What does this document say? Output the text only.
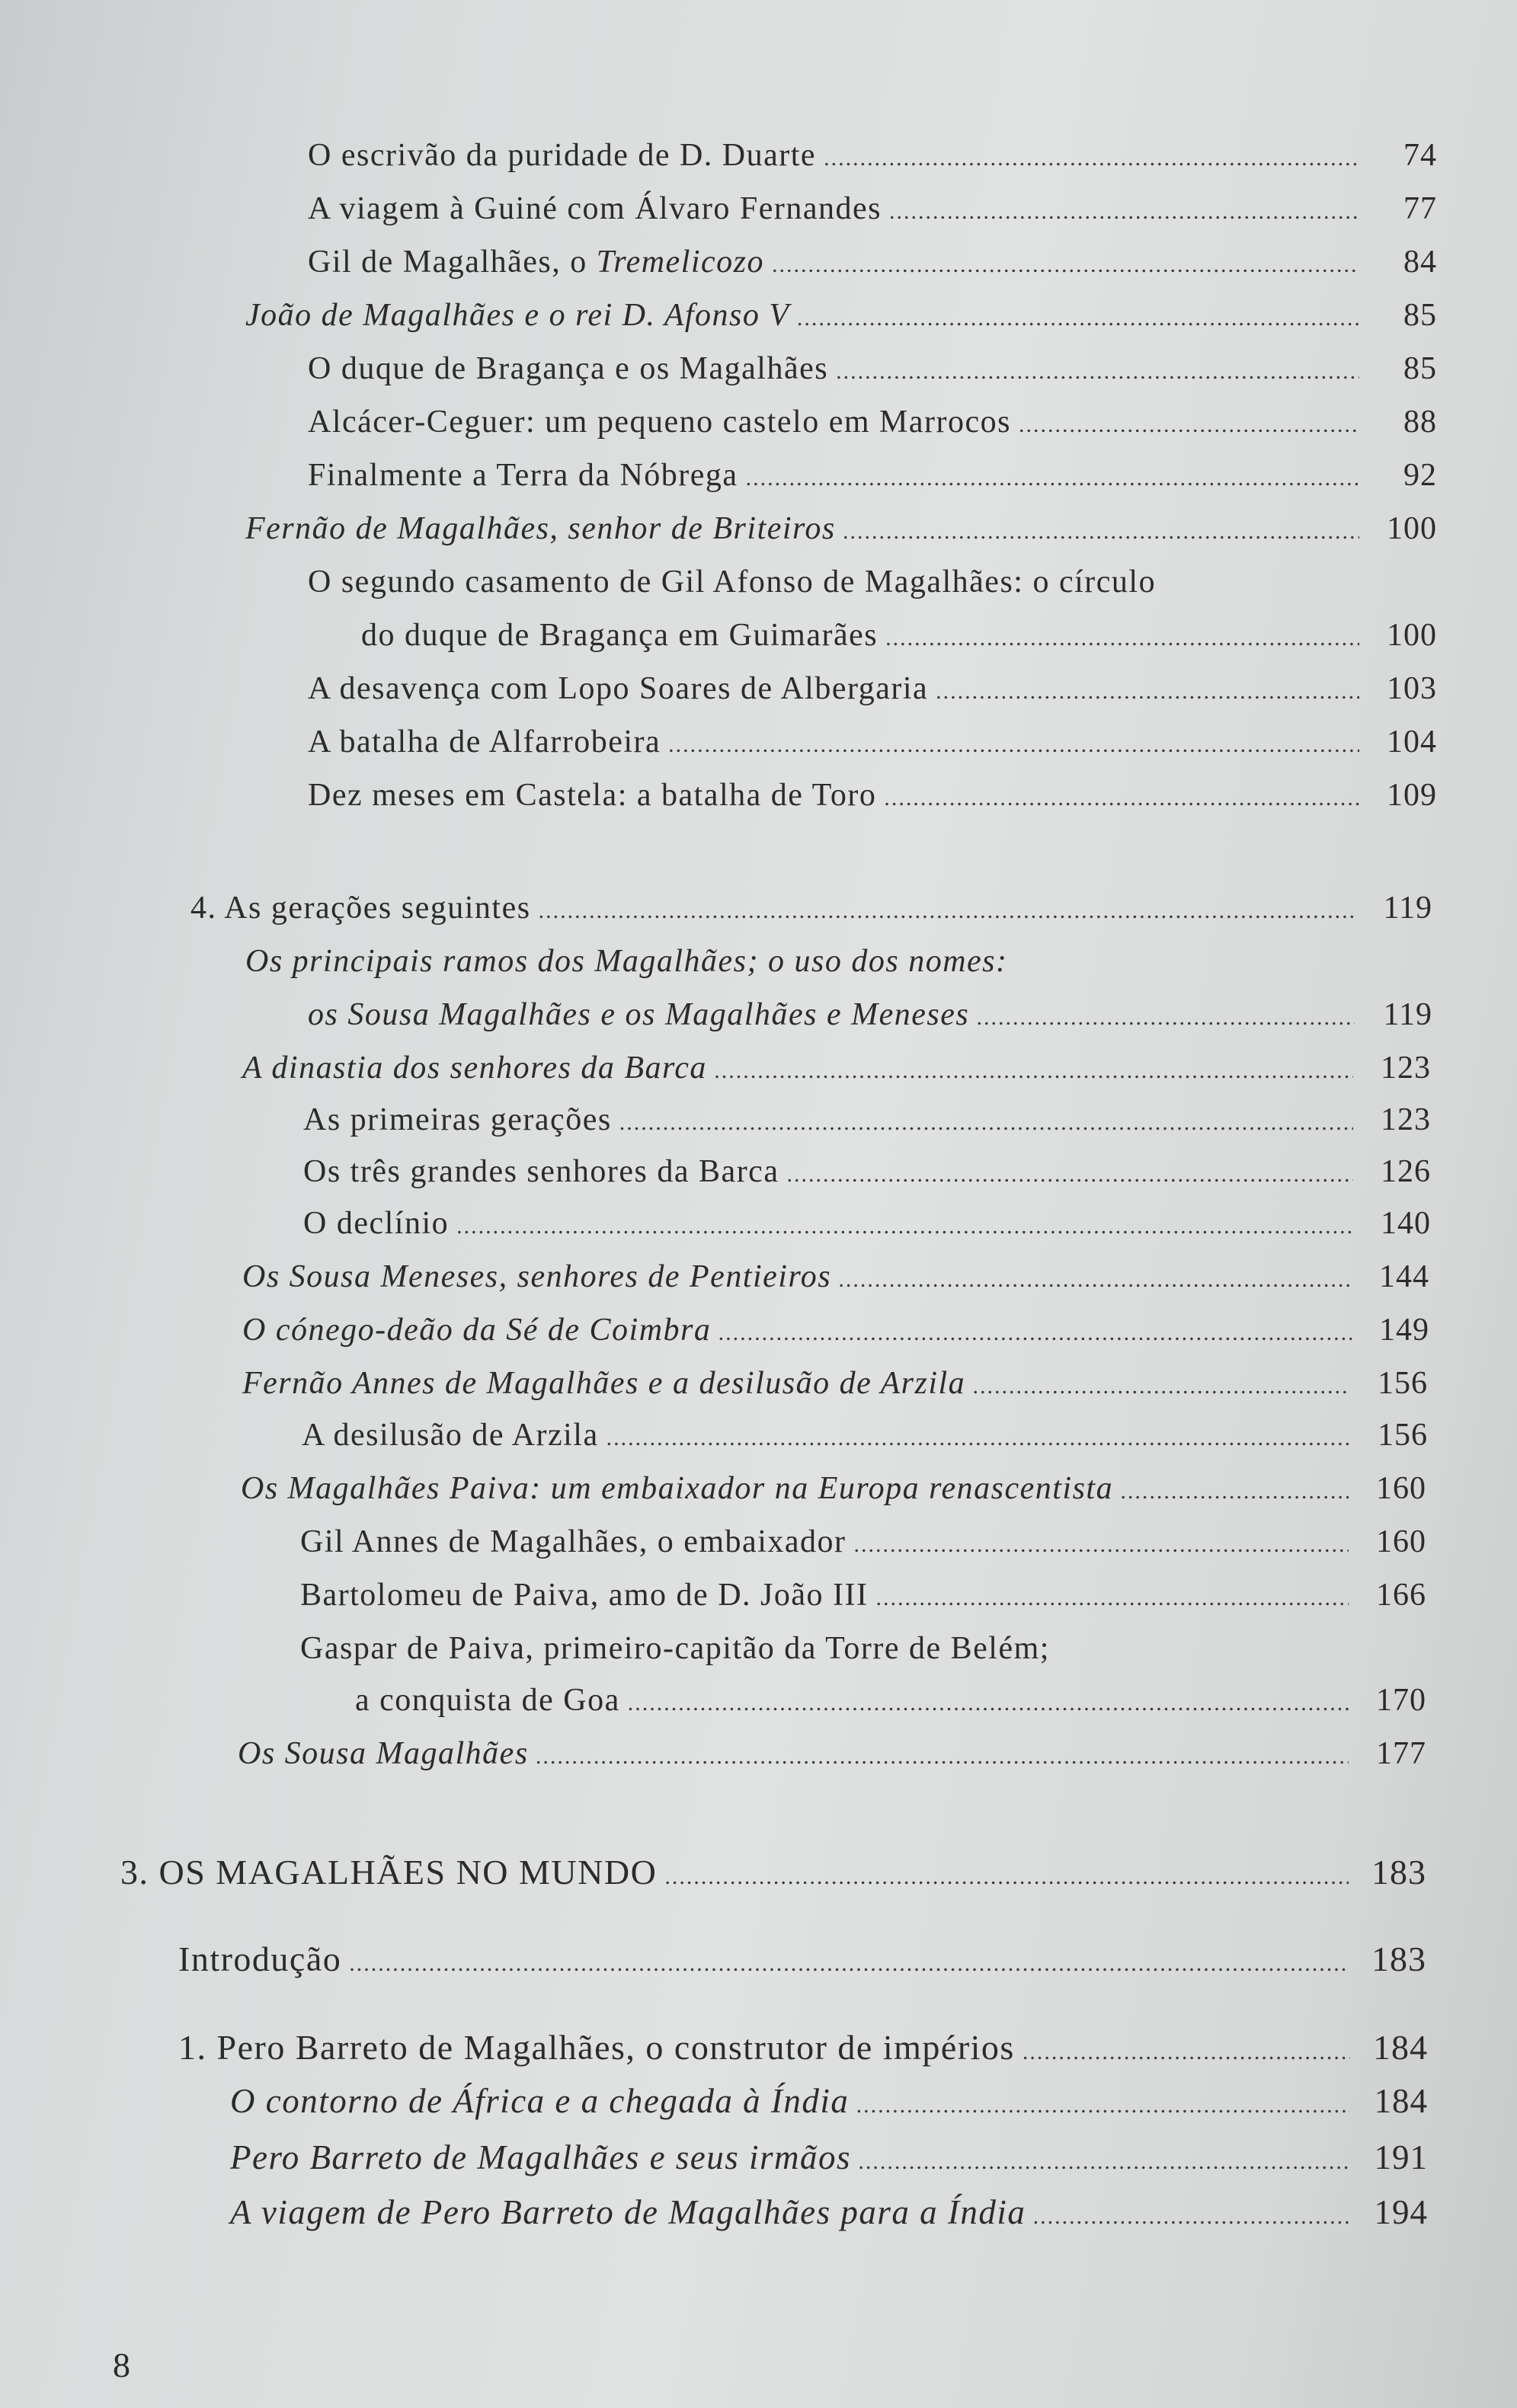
O escrivão da puridade de D. Duarte .....	74
A viagem à Guiné com Álvaro Fernandes .....	77
Gil de Magalhães, o Tremelicozo .....	84
João de Magalhães e o rei D. Afonso V .....	85
O duque de Bragança e os Magalhães .....	85
Alcácer-Ceguer: um pequeno castelo em Marrocos .....	88
Finalmente a Terra da Nóbrega .....	92
Fernão de Magalhães, senhor de Briteiros .....	100
O segundo casamento de Gil Afonso de Magalhães: o círculo
do duque de Bragança em Guimarães .....	100
A desavença com Lopo Soares de Albergaria .....	103
A batalha de Alfarrobeira .....	104
Dez meses em Castela: a batalha de Toro .....	109
4. As gerações seguintes .....	119
Os principais ramos dos Magalhães; o uso dos nomes:
os Sousa Magalhães e os Magalhães e Meneses .....	119
A dinastia dos senhores da Barca .....	123
As primeiras gerações .....	123
Os três grandes senhores da Barca .....	126
O declínio .....	140
Os Sousa Meneses, senhores de Pentieiros .....	144
O cónego-deão da Sé de Coimbra .....	149
Fernão Annes de Magalhães e a desilusão de Arzila .....	156
A desilusão de Arzila .....	156
Os Magalhães Paiva: um embaixador na Europa renascentista .....	160
Gil Annes de Magalhães, o embaixador .....	160
Bartolomeu de Paiva, amo de D. João III .....	166
Gaspar de Paiva, primeiro-capitão da Torre de Belém;
a conquista de Goa .....	170
Os Sousa Magalhães .....	177
3. OS MAGALHÃES NO MUNDO .....	183
Introdução .....	183
1. Pero Barreto de Magalhães, o construtor de impérios .....	184
O contorno de África e a chegada à Índia .....	184
Pero Barreto de Magalhães e seus irmãos .....	191
A viagem de Pero Barreto de Magalhães para a Índia .....	194
8
